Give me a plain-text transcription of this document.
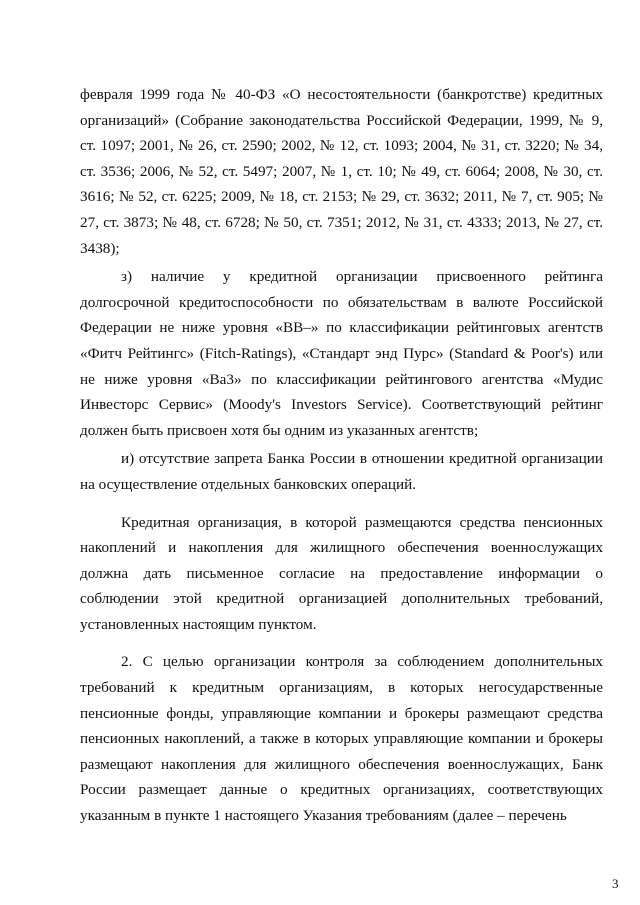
февраля 1999 года № 40-ФЗ «О несостоятельности (банкротстве) кредитных организаций» (Собрание законодательства Российской Федерации, 1999, № 9, ст. 1097; 2001, № 26, ст. 2590; 2002, № 12, ст. 1093; 2004, № 31, ст. 3220; № 34, ст. 3536; 2006, № 52, ст. 5497; 2007, № 1, ст. 10; № 49, ст. 6064; 2008, № 30, ст. 3616; № 52, ст. 6225; 2009, № 18, ст. 2153; № 29, ст. 3632; 2011, № 7, ст. 905; № 27, ст. 3873; № 48, ст. 6728; № 50, ст. 7351; 2012, № 31, ст. 4333; 2013, № 27, ст. 3438);

з) наличие у кредитной организации присвоенного рейтинга долгосрочной кредитоспособности по обязательствам в валюте Российской Федерации не ниже уровня «BB–» по классификации рейтинговых агентств «Фитч Рейтингс» (Fitch-Ratings), «Стандарт энд Пурс» (Standard & Poor's) или не ниже уровня «Ва3» по классификации рейтингового агентства «Мудис Инвесторс Сервис» (Moody's Investors Service). Соответствующий рейтинг должен быть присвоен хотя бы одним из указанных агентств;

и) отсутствие запрета Банка России в отношении кредитной организации на осуществление отдельных банковских операций.

Кредитная организация, в которой размещаются средства пенсионных накоплений и накопления для жилищного обеспечения военнослужащих должна дать письменное согласие на предоставление информации о соблюдении этой кредитной организацией дополнительных требований, установленных настоящим пунктом.

2. С целью организации контроля за соблюдением дополнительных требований к кредитным организациям, в которых негосударственные пенсионные фонды, управляющие компании и брокеры размещают средства пенсионных накоплений, а также в которых управляющие компании и брокеры размещают накопления для жилищного обеспечения военнослужащих, Банк России размещает данные о кредитных организациях, соответствующих указанным в пункте 1 настоящего Указания требованиям (далее – перечень

3
